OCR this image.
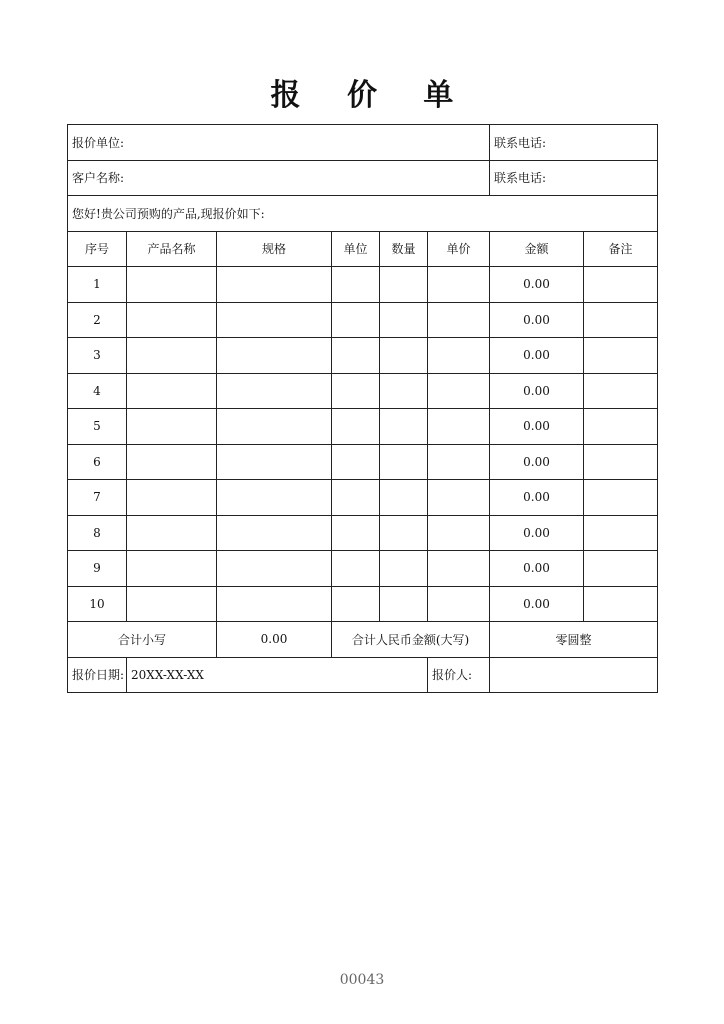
报 价 单
报价单位:						联系电话:	
客户名称:						联系电话:	
您好!贵公司预购的产品,现报价如下:							
序号	产品名称	规格	单位	数量	单价	金额	备注
1						0.00	
2						0.00	
3						0.00	
4						0.00	
5						0.00	
6						0.00	
7						0.00	
8						0.00	
9						0.00	
10						0.00	
合计小写		0.00	合计人民币金额(大写)			零圆整	
报价日期:	20XX-XX-XX				报价人:		
00043
